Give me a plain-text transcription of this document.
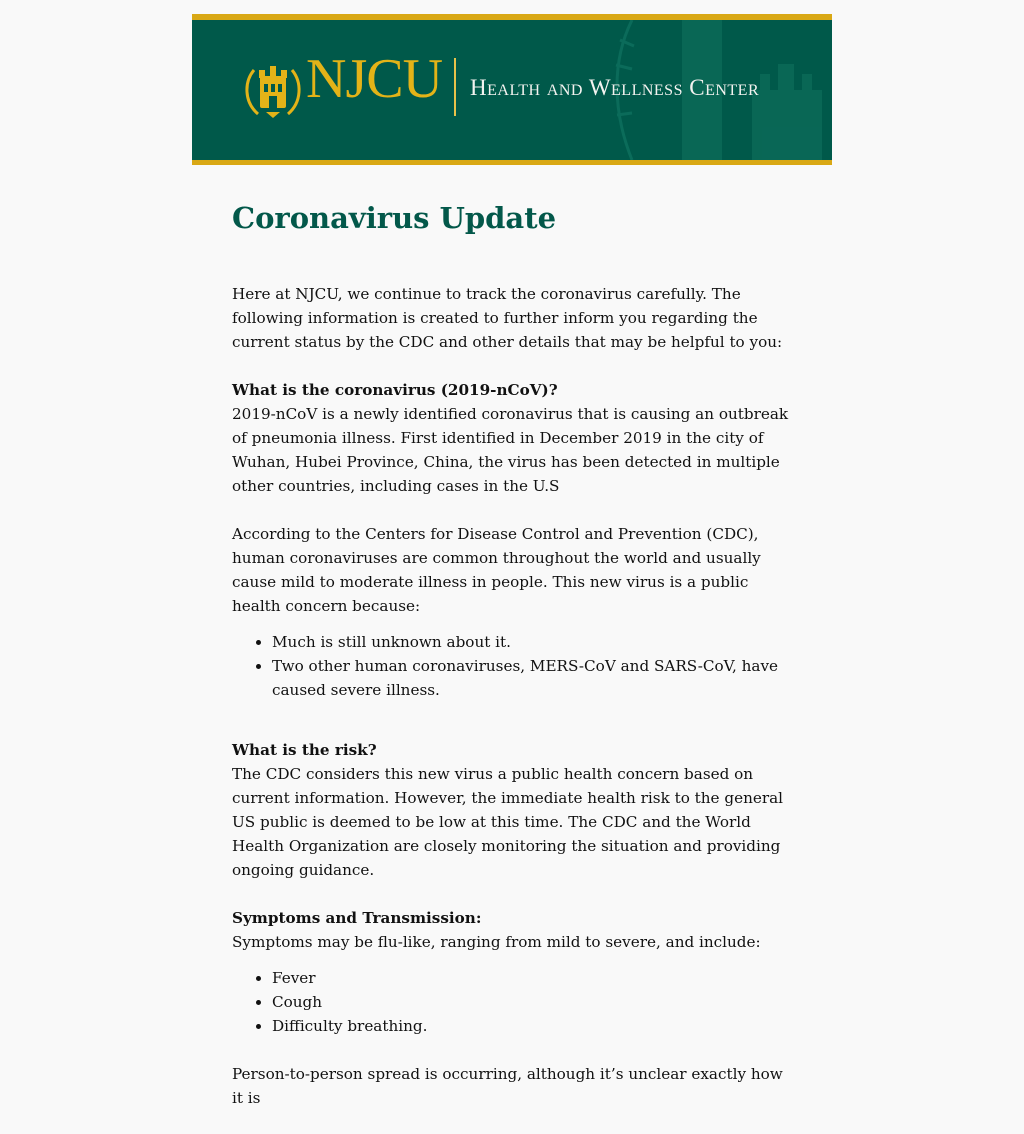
NJCU Health and Wellness Center
Coronavirus Update

Here at NJCU, we continue to track the coronavirus carefully. The following information is created to further inform you regarding the current status by the CDC and other details that may be helpful to you:

What is the coronavirus (2019-nCoV)?
2019-nCoV is a newly identified coronavirus that is causing an outbreak of pneumonia illness. First identified in December 2019 in the city of Wuhan, Hubei Province, China, the virus has been detected in multiple other countries, including cases in the U.S

According to the Centers for Disease Control and Prevention (CDC), human coronaviruses are common throughout the world and usually cause mild to moderate illness in people. This new virus is a public health concern because:

• Much is still unknown about it.
• Two other human coronaviruses, MERS-CoV and SARS-CoV, have caused severe illness.

What is the risk?
The CDC considers this new virus a public health concern based on current information. However, the immediate health risk to the general US public is deemed to be low at this time. The CDC and the World Health Organization are closely monitoring the situation and providing ongoing guidance.

Symptoms and Transmission:
Symptoms may be flu-like, ranging from mild to severe, and include:

• Fever
• Cough
• Difficulty breathing.

Person-to-person spread is occurring, although it’s unclear exactly how it is
